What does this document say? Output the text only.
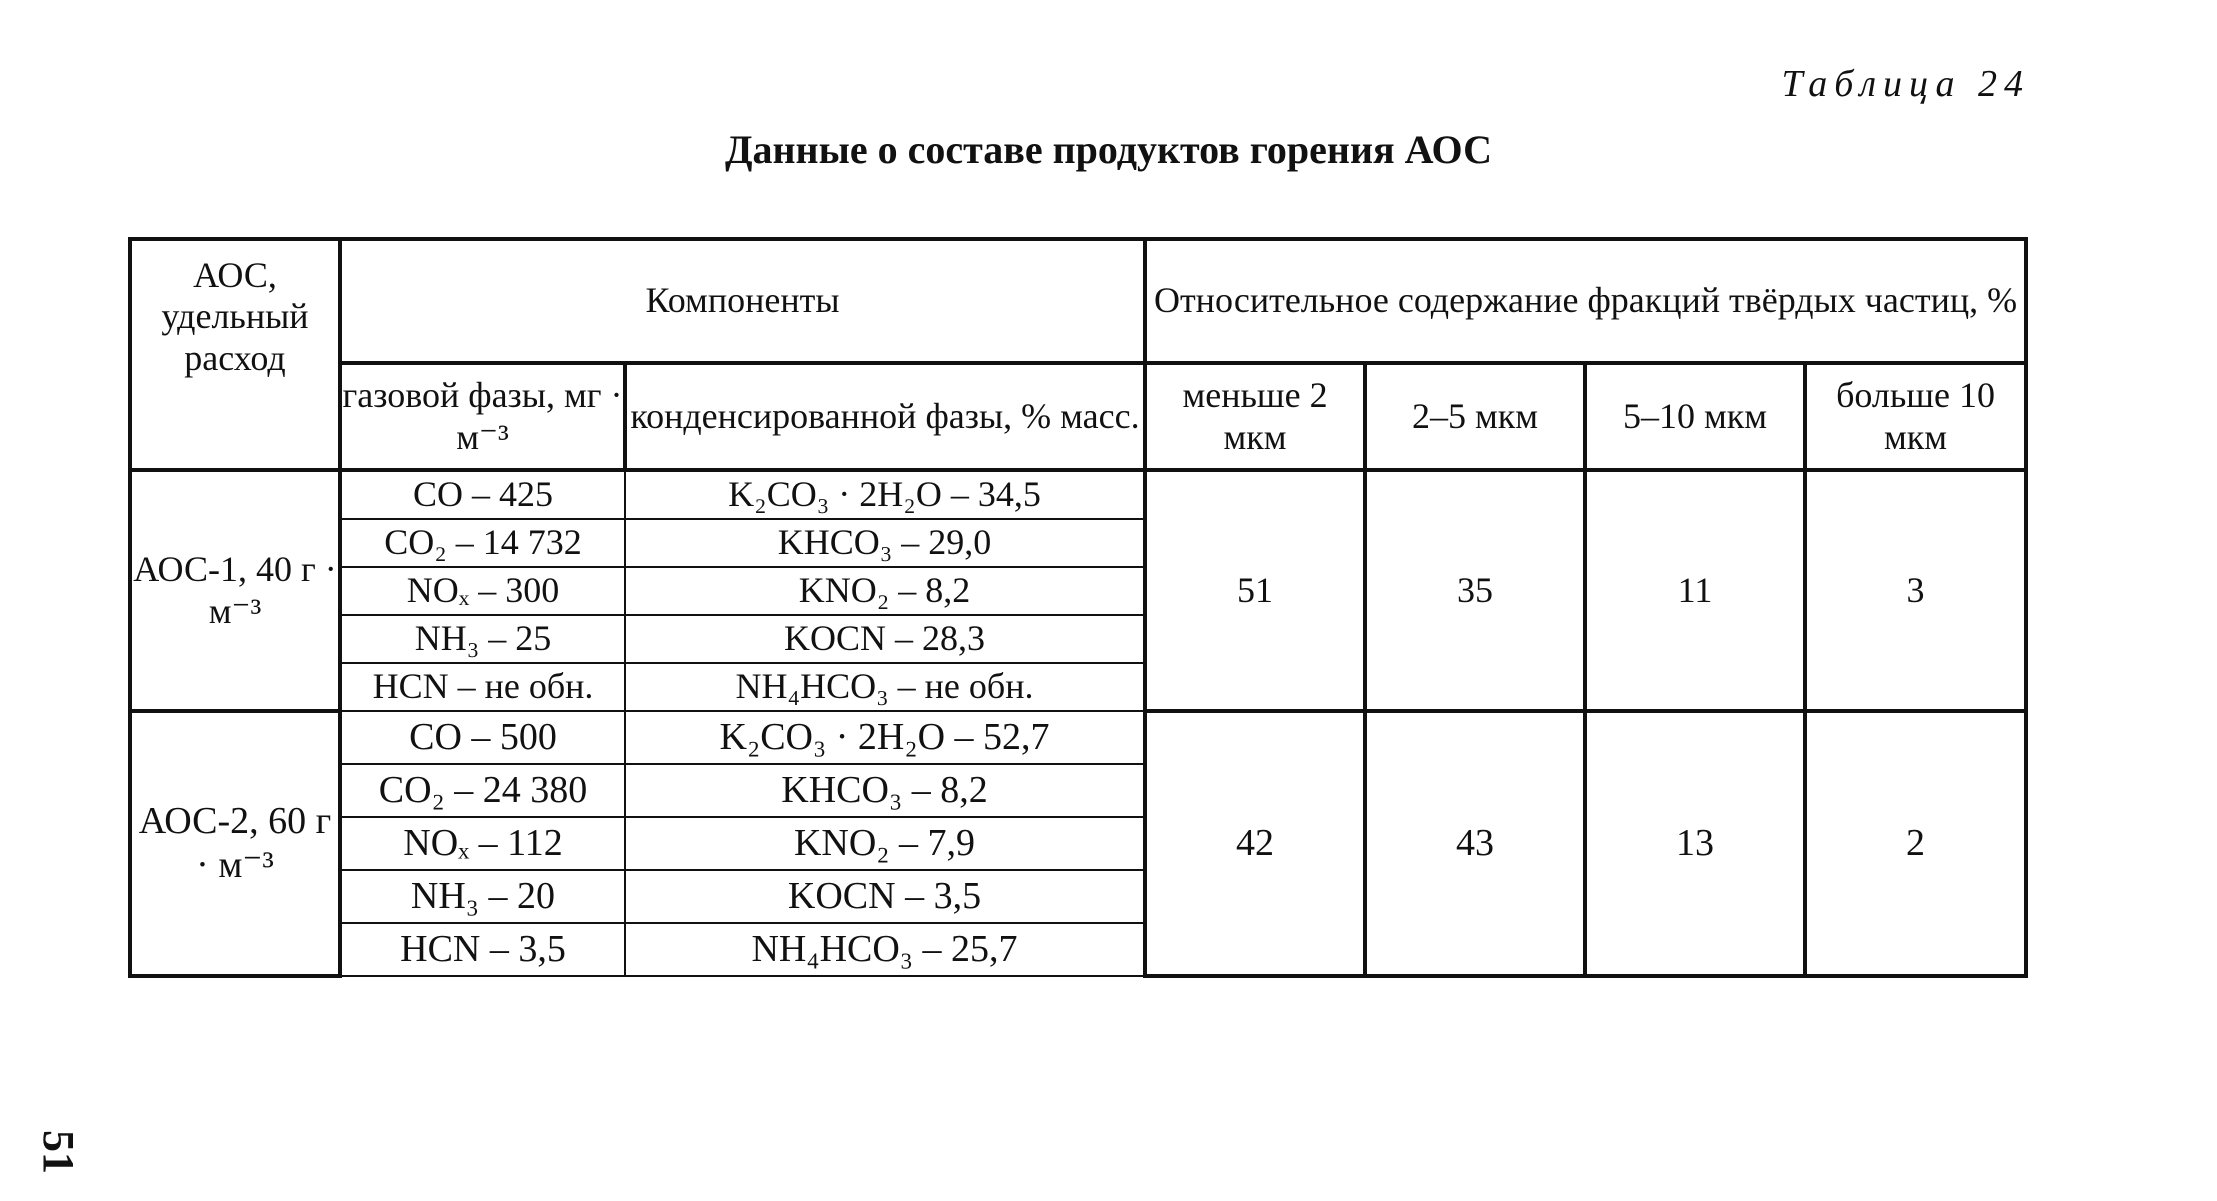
Таблица 24
Данные о составе продуктов горения АОС
АОС, удельный расход	Компоненты		Относительное содержание фракций твёрдых частиц, %			
	газовой фазы, мг · м⁻³	конденсированной фазы, % масс.	меньше 2 мкм	2–5 мкм	5–10 мкм	больше 10 мкм
АОС-1, 40 г · м⁻³	CO – 425	K₂CO₃ · 2H₂O – 34,5	51	35	11	3
	CO₂ – 14 732	KHCO₃ – 29,0				
	NOₓ – 300	KNO₂ – 8,2				
	NH₃ – 25	KOCN – 28,3				
	HCN – не обн.	NH₄HCO₃ – не обн.				
АОС-2, 60 г · м⁻³	CO – 500	K₂CO₃ · 2H₂O – 52,7	42	43	13	2
	CO₂ – 24 380	KHCO₃ – 8,2				
	NOₓ – 112	KNO₂ – 7,9				
	NH₃ – 20	KOCN – 3,5				
	HCN – 3,5	NH₄HCO₃ – 25,7				
51
